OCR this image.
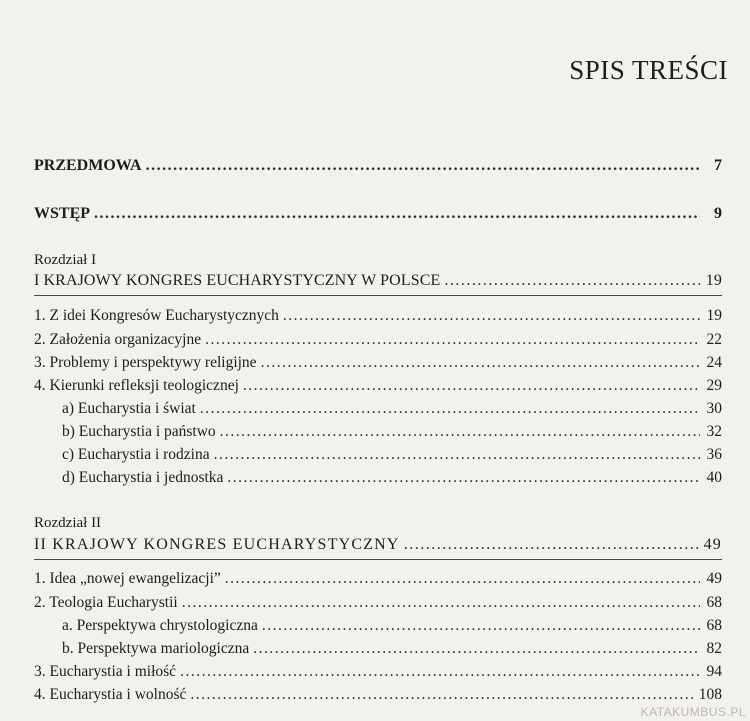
SPIS TREŚCI
PRZEDMOWA .....	7
WSTĘP .....	9
Rozdział I
I KRAJOWY KONGRES EUCHARYSTYCZNY W POLSCE .....	19
1. Z idei Kongresów Eucharystycznych .....	19
2. Założenia organizacyjne .....	22
3. Problemy i perspektywy religijne .....	24
4. Kierunki refleksji teologicznej .....	29
a) Eucharystia i świat .....	30
b) Eucharystia i państwo .....	32
c) Eucharystia i rodzina .....	36
d) Eucharystia i jednostka .....	40
Rozdział II
II KRAJOWY KONGRES EUCHARYSTYCZNY .....	49
1. Idea „nowej ewangelizacji” .....	49
2. Teologia Eucharystii .....	68
a. Perspektywa chrystologiczna .....	68
b. Perspektywa mariologiczna .....	82
3. Eucharystia i miłość .....	94
4. Eucharystia i wolność .....	108
KATAKUMBUS.PL
